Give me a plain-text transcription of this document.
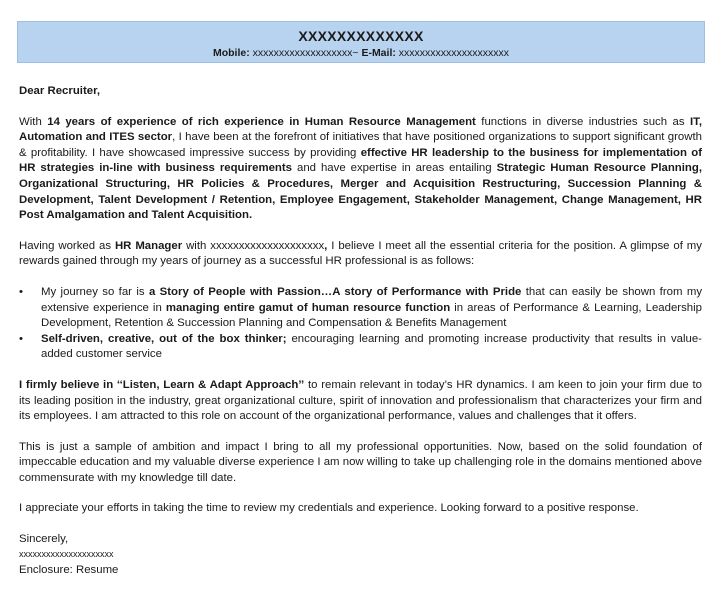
XXXXXXXXXXXXX
Mobile: xxxxxxxxxxxxxxxxxxx~ E-Mail: xxxxxxxxxxxxxxxxxxxxx

Dear Recruiter,

With 14 years of experience of rich experience in Human Resource Management functions in diverse industries such as IT, Automation and ITES sector, I have been at the forefront of initiatives that have positioned organizations to support significant growth & profitability. I have showcased impressive success by providing effective HR leadership to the business for implementation of HR strategies in-line with business requirements and have expertise in areas entailing Strategic Human Resource Planning, Organizational Structuring, HR Policies & Procedures, Merger and Acquisition Restructuring, Succession Planning & Development, Talent Development / Retention, Employee Engagement, Stakeholder Management, Change Management, HR Post Amalgamation and Talent Acquisition.

Having worked as HR Manager with xxxxxxxxxxxxxxxxxxxx, I believe I meet all the essential criteria for the position. A glimpse of my rewards gained through my years of journey as a successful HR professional is as follows:

• My journey so far is a Story of People with Passion…A story of Performance with Pride that can easily be shown from my extensive experience in managing entire gamut of human resource function in areas of Performance & Learning, Leadership Development, Retention & Succession Planning and Compensation & Benefits Management
• Self-driven, creative, out of the box thinker; encouraging learning and promoting increase productivity that results in value-added customer service

I firmly believe in ‘‘Listen, Learn & Adapt Approach’’ to remain relevant in today’s HR dynamics. I am keen to join your firm due to its leading position in the industry, great organizational culture, spirit of innovation and professionalism that characterizes your firm and its employees. I am attracted to this role on account of the organizational performance, values and challenges that it offers.

This is just a sample of ambition and impact I bring to all my professional opportunities. Now, based on the solid foundation of impeccable education and my valuable diverse experience I am now willing to take up challenging role in the domains mentioned above commensurate with my knowledge till date.

I appreciate your efforts in taking the time to review my credentials and experience. Looking forward to a positive response.

Sincerely,
xxxxxxxxxxxxxxxxxxxxx
Enclosure: Resume
